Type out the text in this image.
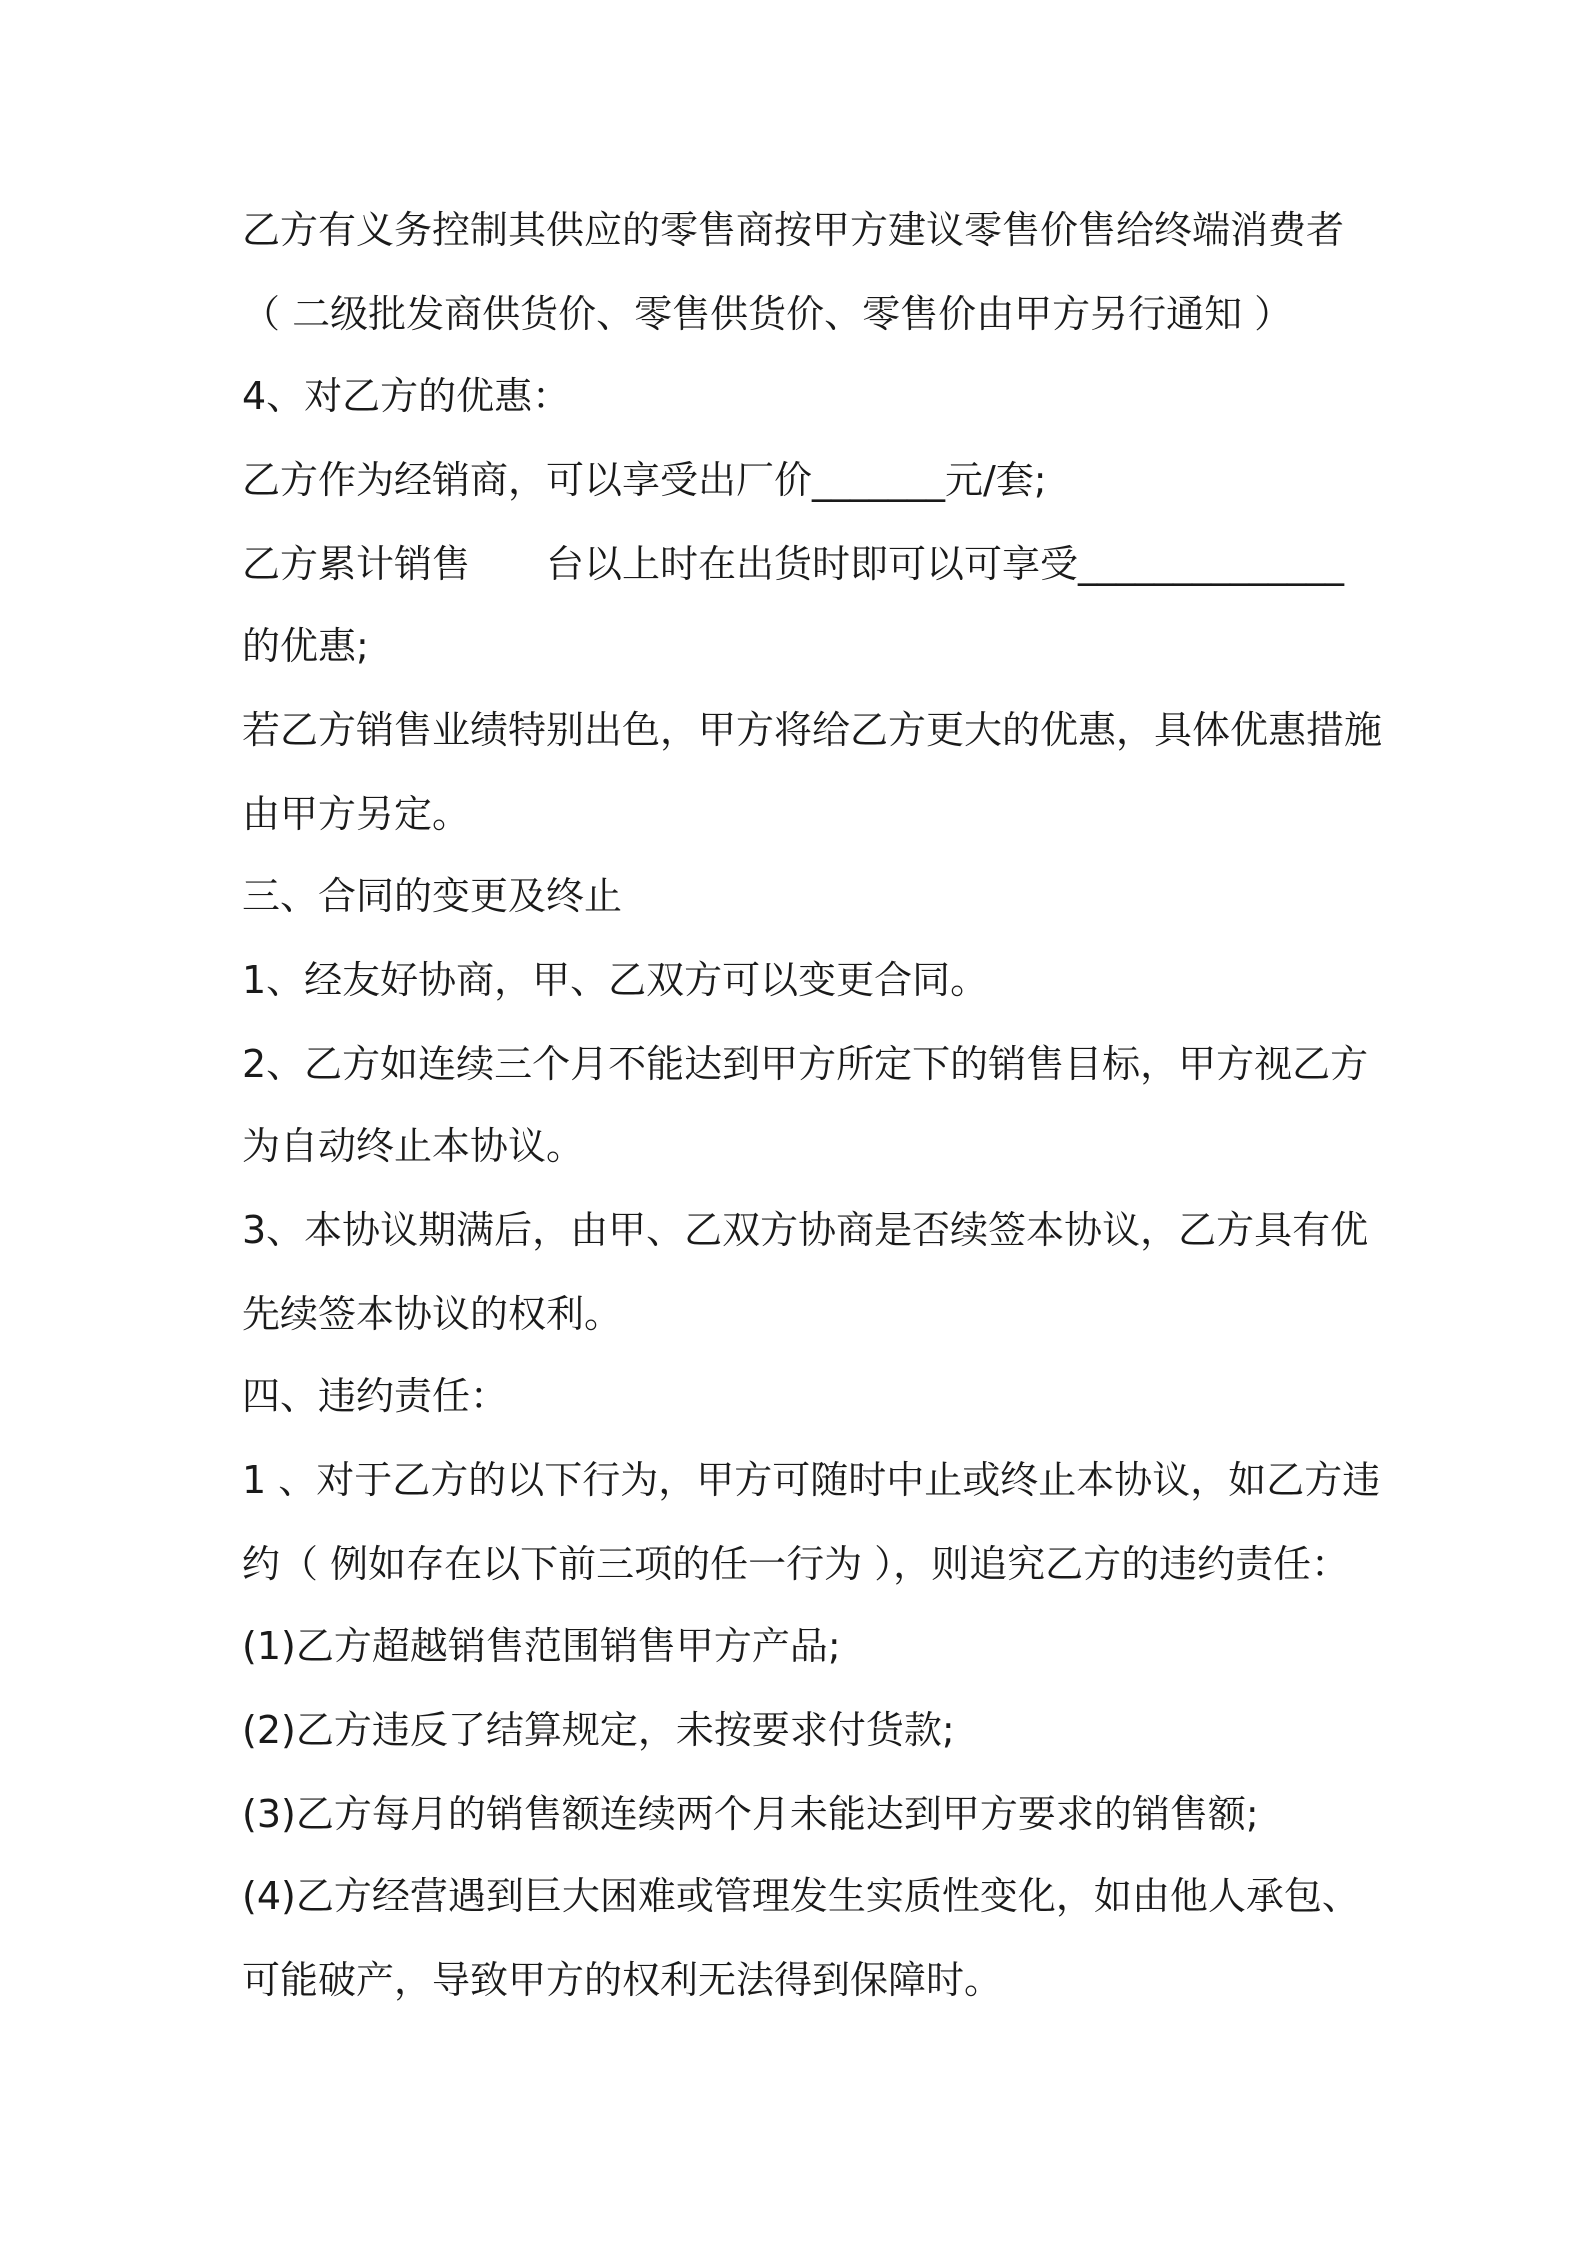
乙方有义务控制其供应的零售商按甲方建议零售价售给终端消费者

（ 二级批发商供货价、零售供货价、零售价由甲方另行通知 ）

4、对乙方的优惠：

乙方作为经销商，可以享受出厂价_______元/套;

乙方累计销售　　台以上时在出货时即可以可享受______________

的优惠;

若乙方销售业绩特别出色，甲方将给乙方更大的优惠，具体优惠措施

由甲方另定。

三、合同的变更及终止

1、经友好协商，甲、乙双方可以变更合同。

2、乙方如连续三个月不能达到甲方所定下的销售目标，甲方视乙方

为自动终止本协议。

3、本协议期满后，由甲、乙双方协商是否续签本协议，乙方具有优

先续签本协议的权利。

四、违约责任：

1 、对于乙方的以下行为，甲方可随时中止或终止本协议，如乙方违

约（ 例如存在以下前三项的任一行为 ），则追究乙方的违约责任：

(1)乙方超越销售范围销售甲方产品;

(2)乙方违反了结算规定，未按要求付货款;

(3)乙方每月的销售额连续两个月未能达到甲方要求的销售额;

(4)乙方经营遇到巨大困难或管理发生实质性变化，如由他人承包、

可能破产，导致甲方的权利无法得到保障时。
